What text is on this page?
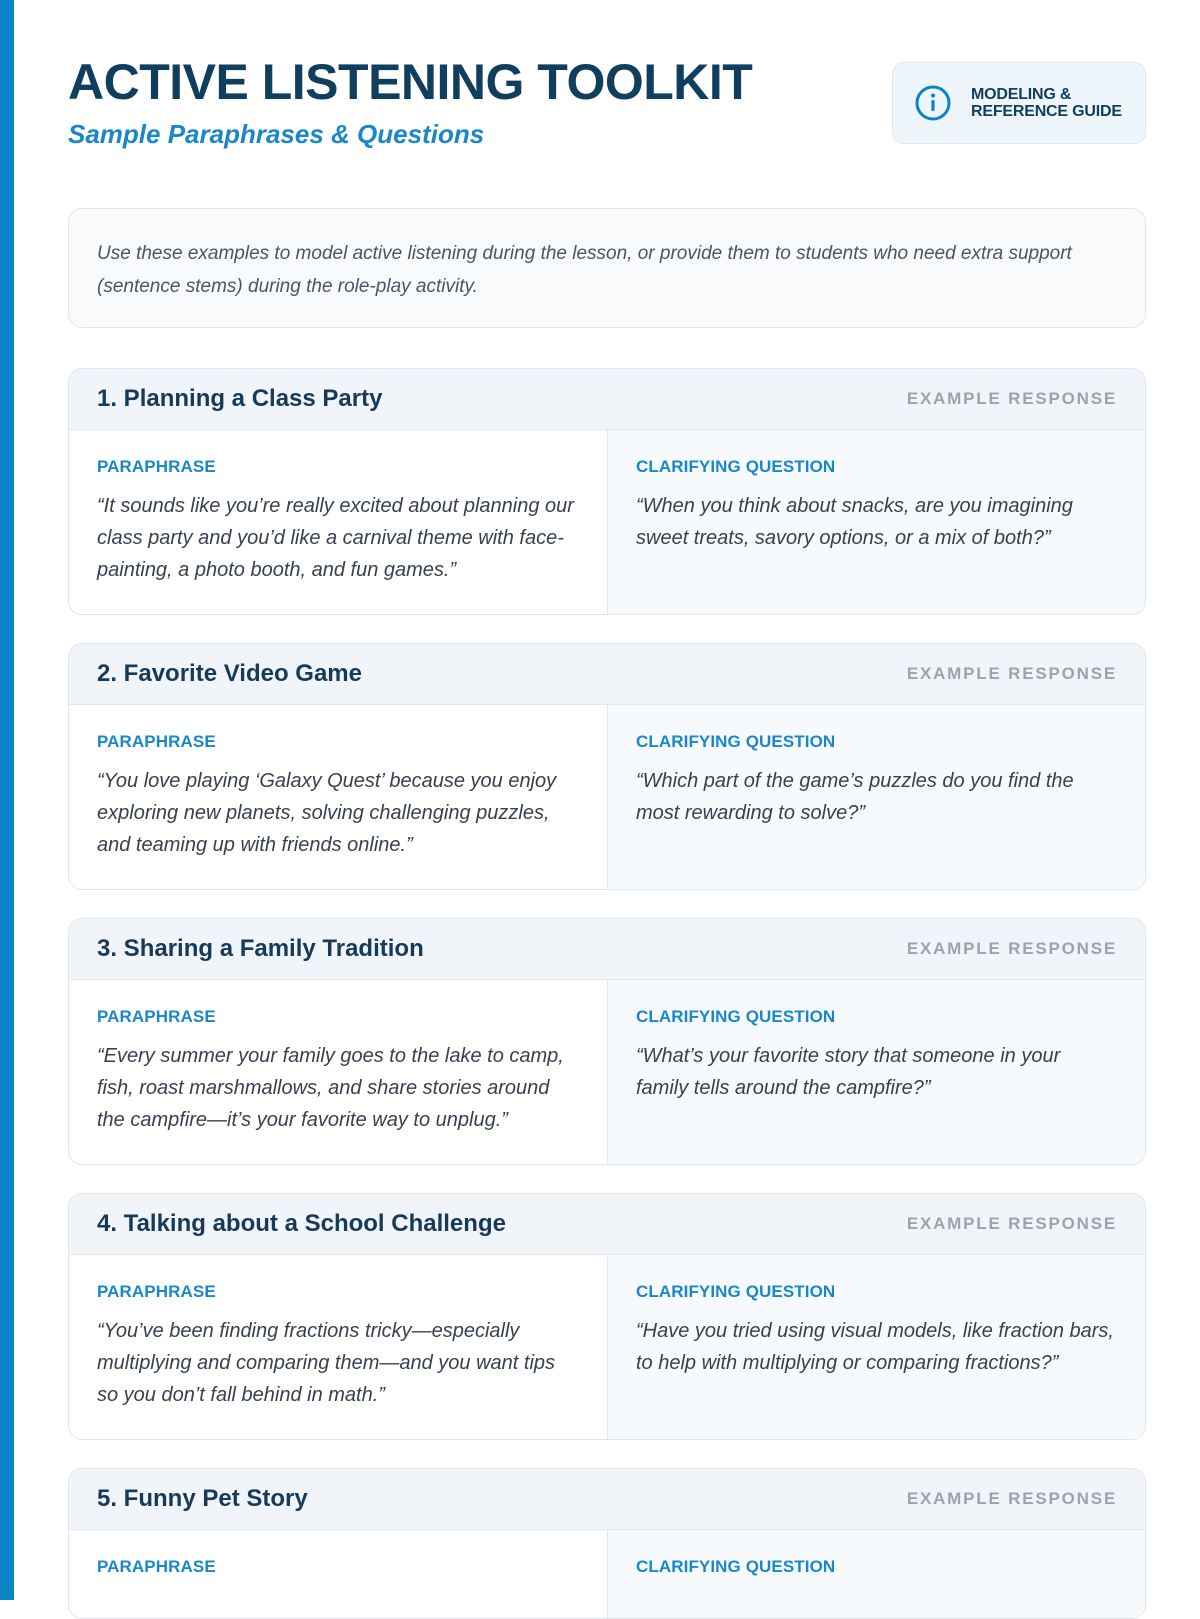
ACTIVE LISTENING TOOLKIT
Sample Paraphrases & Questions
MODELING &
REFERENCE GUIDE
Use these examples to model active listening during the lesson, or provide them to students who need extra support (sentence stems) during the role-play activity.
1. Planning a Class Party	EXAMPLE RESPONSE
PARAPHRASE
“It sounds like you’re really excited about planning our class party and you’d like a carnival theme with face-painting, a photo booth, and fun games.”
CLARIFYING QUESTION
“When you think about snacks, are you imagining sweet treats, savory options, or a mix of both?”
2. Favorite Video Game	EXAMPLE RESPONSE
PARAPHRASE
“You love playing ‘Galaxy Quest’ because you enjoy exploring new planets, solving challenging puzzles, and teaming up with friends online.”
CLARIFYING QUESTION
“Which part of the game’s puzzles do you find the most rewarding to solve?”
3. Sharing a Family Tradition	EXAMPLE RESPONSE
PARAPHRASE
“Every summer your family goes to the lake to camp, fish, roast marshmallows, and share stories around the campfire—it’s your favorite way to unplug.”
CLARIFYING QUESTION
“What’s your favorite story that someone in your family tells around the campfire?”
4. Talking about a School Challenge	EXAMPLE RESPONSE
PARAPHRASE
“You’ve been finding fractions tricky—especially multiplying and comparing them—and you want tips so you don’t fall behind in math.”
CLARIFYING QUESTION
“Have you tried using visual models, like fraction bars, to help with multiplying or comparing fractions?”
5. Funny Pet Story	EXAMPLE RESPONSE
PARAPHRASE	CLARIFYING QUESTION
